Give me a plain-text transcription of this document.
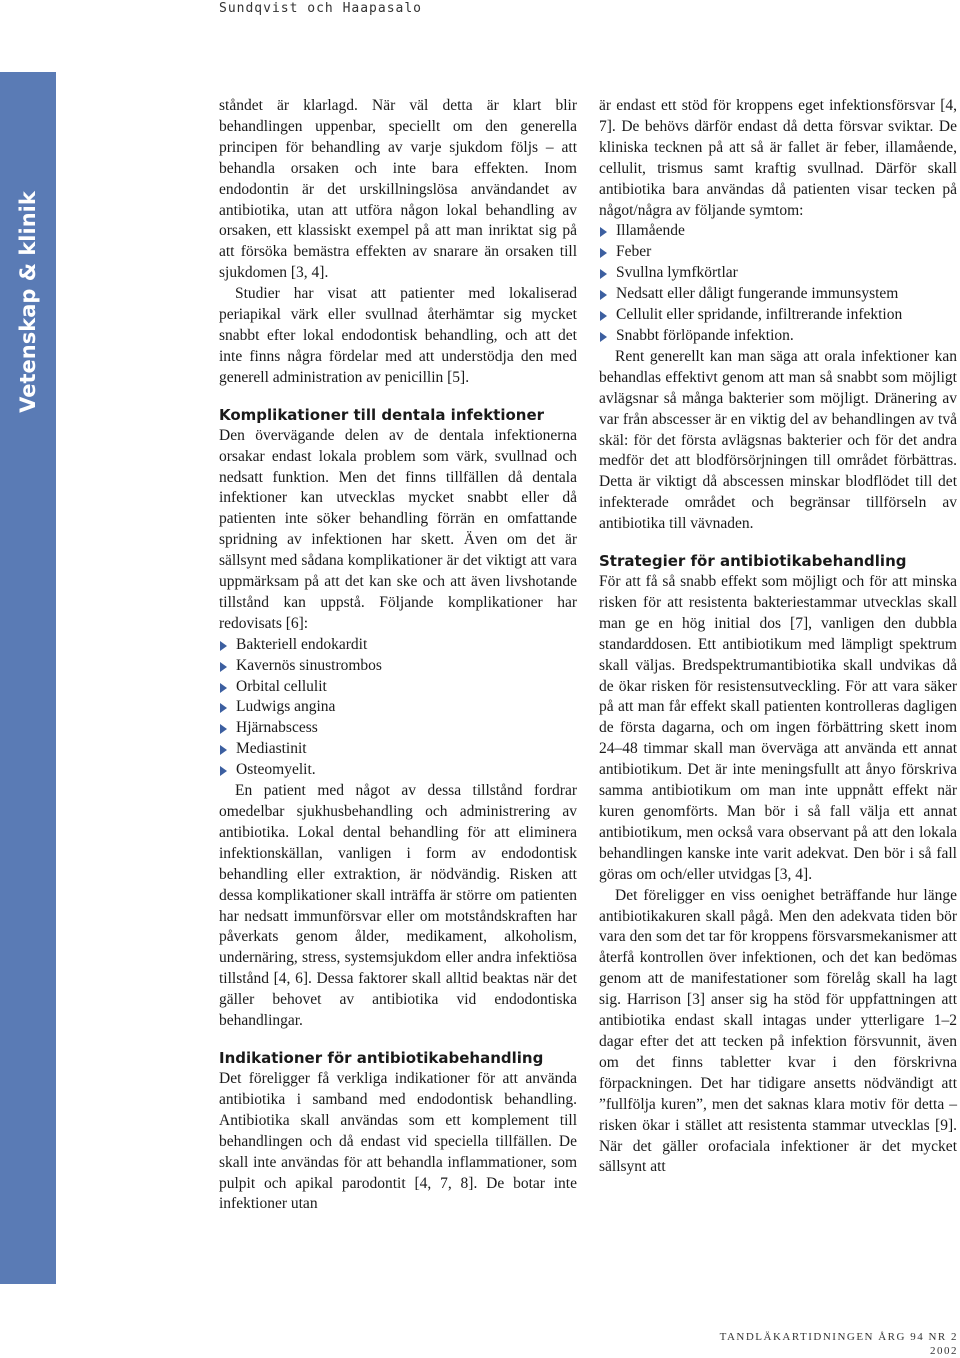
Sundqvist och Haapasalo
Vetenskap & klinik

ståndet är klarlagd. När väl detta är klart blir behandlingen uppenbar, speciellt om den generella principen för behandling av varje sjukdom följs – att behandla orsaken och inte bara effekten. Inom endodontin är det urskillningslösa användandet av antibiotika, utan att utföra någon lokal behandling av orsaken, ett klassiskt exempel på att man inriktat sig på att försöka bemästra effekten av snarare än orsaken till sjukdomen [3, 4].

Studier har visat att patienter med lokaliserad periapikal värk eller svullnad återhämtar sig mycket snabbt efter lokal endodontisk behandling, och att det inte finns några fördelar med att understödja den med generell administration av penicillin [5].

Komplikationer till dentala infektioner

Den övervägande delen av de dentala infektionerna orsakar endast lokala problem som värk, svullnad och nedsatt funktion. Men det finns tillfällen då dentala infektioner kan utvecklas mycket snabbt eller då patienten inte söker behandling förrän en omfattande spridning av infektionen har skett. Även om det är sällsynt med sådana komplikationer är det viktigt att vara uppmärksam på att det kan ske och att även livshotande tillstånd kan uppstå. Följande komplikationer har redovisats [6]:

Bakteriell endokardit
Kavernös sinustrombos
Orbital cellulit
Ludwigs angina
Hjärnabscess
Mediastinit
Osteomyelit.

En patient med något av dessa tillstånd fordrar omedelbar sjukhusbehandling och administrering av antibiotika. Lokal dental behandling för att eliminera infektionskällan, vanligen i form av endodontisk behandling eller extraktion, är nödvändig. Risken att dessa komplikationer skall inträffa är större om patienten har nedsatt immunförsvar eller om motståndskraften har påverkats genom ålder, medikament, alkoholism, undernäring, stress, systemsjukdom eller andra infektiösa tillstånd [4, 6]. Dessa faktorer skall alltid beaktas när det gäller behovet av antibiotika vid endodontiska behandlingar.

Indikationer för antibiotikabehandling

Det föreligger få verkliga indikationer för att använda antibiotika i samband med endodontisk behandling. Antibiotika skall användas som ett komplement till behandlingen och då endast vid speciella tillfällen. De skall inte användas för att behandla inflammationer, som pulpit och apikal parodontit [4, 7, 8]. De botar inte infektioner utan

är endast ett stöd för kroppens eget infektionsförsvar [4, 7]. De behövs därför endast då detta försvar sviktar. De kliniska tecknen på att så är fallet är feber, illamående, cellulit, trismus samt kraftig svullnad. Därför skall antibiotika bara användas då patienten visar tecken på något/några av följande symtom:

Illamående
Feber
Svullna lymfkörtlar
Nedsatt eller dåligt fungerande immunsystem
Cellulit eller spridande, infiltrerande infektion
Snabbt förlöpande infektion.

Rent generellt kan man säga att orala infektioner kan behandlas effektivt genom att man så snabbt som möjligt avlägsnar så många bakterier som möjligt. Dränering av var från abscesser är en viktig del av behandlingen av två skäl: för det första avlägsnas bakterier och för det andra medför det att blodförsörjningen till området förbättras. Detta är viktigt då abscessen minskar blodflödet till det infekterade området och begränsar tillförseln av antibiotika till vävnaden.

Strategier för antibiotikabehandling

För att få så snabb effekt som möjligt och för att minska risken för att resistenta bakteriestammar utvecklas skall man ge en hög initial dos [7], vanligen den dubbla standarddosen. Ett antibiotikum med lämpligt spektrum skall väljas. Bredspektrumantibiotika skall undvikas då de ökar risken för resistensutveckling. För att vara säker på att man får effekt skall patienten kontrolleras dagligen de första dagarna, och om ingen förbättring skett inom 24–48 timmar skall man överväga att använda ett annat antibiotikum. Det är inte meningsfullt att ånyo förskriva samma antibiotikum om man inte uppnått effekt när kuren genomförts. Man bör i så fall välja ett annat antibiotikum, men också vara observant på att den lokala behandlingen kanske inte varit adekvat. Den bör i så fall göras om och/eller utvidgas [3, 4].

Det föreligger en viss oenighet beträffande hur länge antibiotikakuren skall pågå. Men den adekvata tiden bör vara den som det tar för kroppens försvarsmekanismer att återfå kontrollen över infektionen, och det kan bedömas genom att de manifestationer som förelåg skall ha lagt sig. Harrison [3] anser sig ha stöd för uppfattningen att antibiotika endast skall intagas under ytterligare 1–2 dagar efter det att tecken på infektion försvunnit, även om det finns tabletter kvar i den förskrivna förpackningen. Det har tidigare ansetts nödvändigt att ”fullfölja kuren”, men det saknas klara motiv för detta – risken ökar i stället att resistenta stammar utvecklas [9]. När det gäller orofaciala infektioner är det mycket sällsynt att

TANDLÄKARTIDNINGEN ÅRG 94 NR 2 2002
